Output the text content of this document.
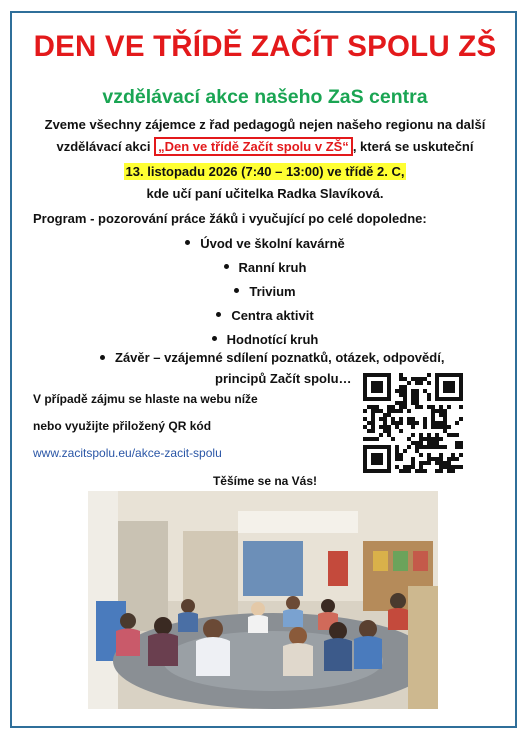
DEN VE TŘÍDĚ ZAČÍT SPOLU ZŠ
vzdělávací akce našeho ZaS centra
Zveme všechny zájemce z řad pedagogů nejen našeho regionu na další
vzdělávací akci „Den ve třídě Začít spolu v ZŠ“ , která se uskuteční
13. listopadu 2026 (7:40 – 13:00) ve třídě 2. C,
kde učí paní učitelka Radka Slavíková.
Program - pozorování práce žáků i vyučující po celé dopoledne:
Úvod ve školní kavárně
Ranní kruh
Trivium
Centra aktivit
Hodnotící kruh
Závěr – vzájemné sdílení poznatků, otázek, odpovědí,
principů Začít spolu…
V případě zájmu se hlaste na webu níže
nebo využijte přiložený QR kód
www.zacitspolu.eu/akce-zacit-spolu
Těšíme se na Vás!
